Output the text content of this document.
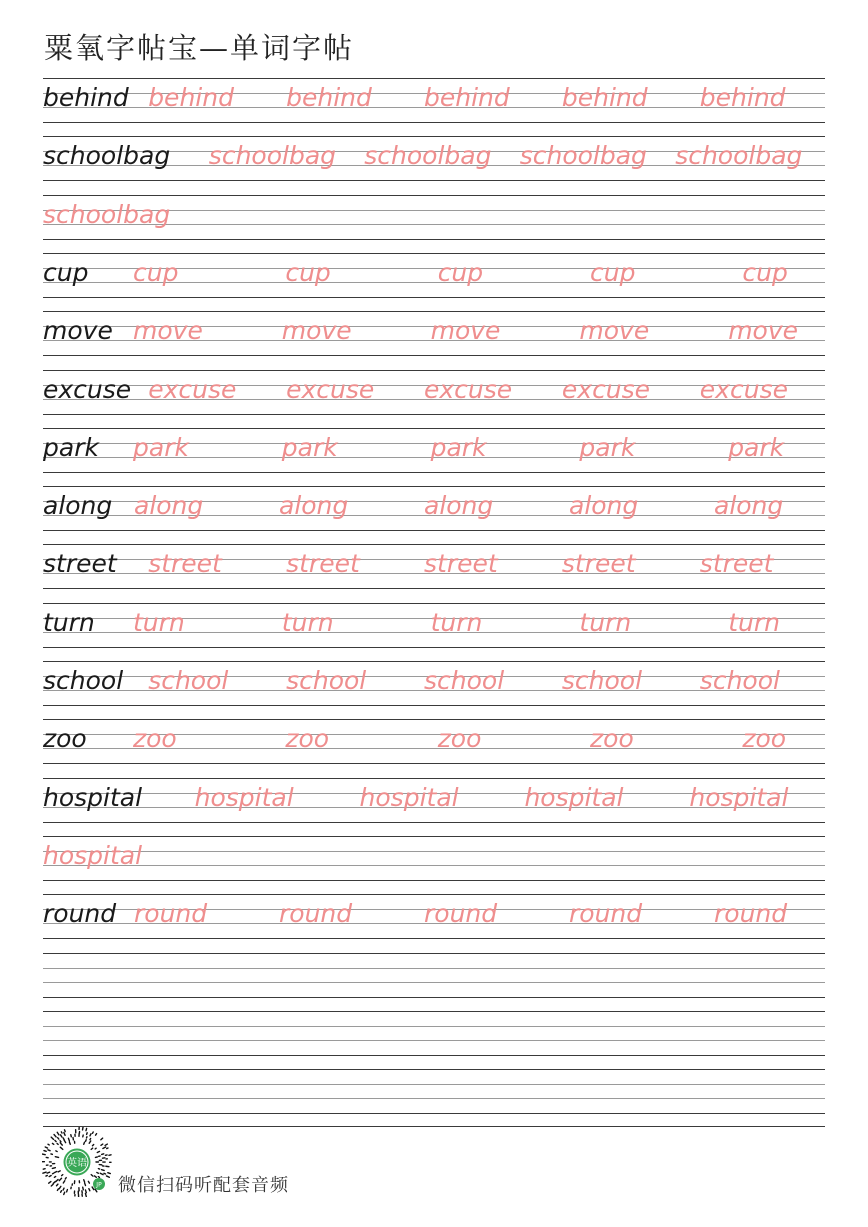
粟氧字帖宝—单词字帖
behind behind behind behind behind behind
schoolbag schoolbag schoolbag schoolbag schoolbag
schoolbag
cup cup	cup	cup	cup	cup
move move	move	move	move	move
excuse excuse excuse excuse excuse excuse
park park	park	park	park	park
along along	along	along	along	along
street street	street	street	street	street
turn turn	turn	turn	turn	turn
school school school school school school
zoo zoo	zoo	zoo	zoo	zoo
hospital hospital	hospital	hospital	hospital
hospital
round round	round	round	round	round
英语
JP 微信扫码听配套音频
